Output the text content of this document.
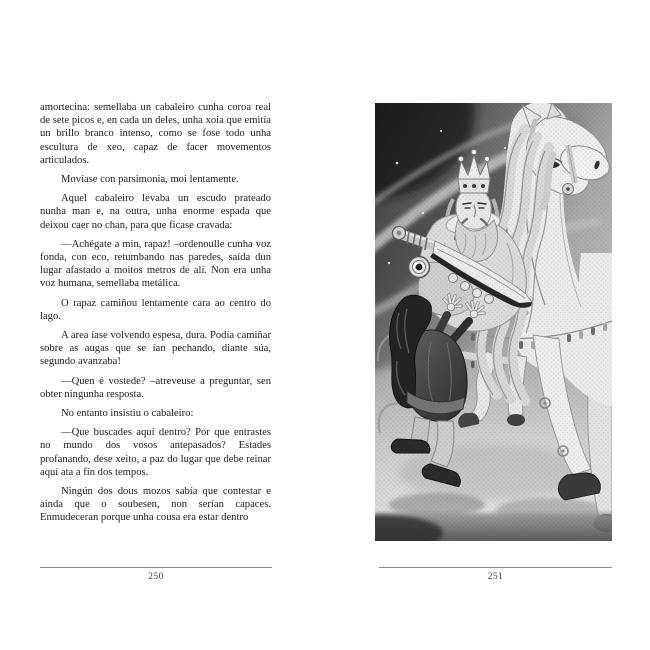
amortecina: semellaba un cabaleiro cunha coroa real de sete picos e, en cada un deles, unha xoia que emitía un brillo branco intenso, como se fose todo unha escultura de xeo, capaz de facer movementos articulados.

Movíase con parsimonia, moi lentamente.

Aquel cabaleiro levaba un escudo prateado nunha man e, na outra, unha enorme espada que deixou caer no chan, para que ficase cravada:

—Achégate a min, rapaz! –ordenoulle cunha voz fonda, con eco, retumbando nas paredes, saída dun lugar afastado a moitos metros de alí. Non era unha voz humana, semellaba metálica.

O rapaz camiñou lentamente cara ao centro do lago.

A area íase volvendo espesa, dura. Podía camiñar sobre as augas que se ían pechando, diante súa, segundo avanzaba!

—Quen é vostede? –atreveuse a preguntar, sen obter ningunha resposta.

No entanto insistiu o cabaleiro:

—Que buscades aquí dentro? Por que entrastes no mundo dos vosos antepasados? Estades profanando, dese xeito, a paz do lugar que debe reinar aquí ata a fin dos tempos.

Ningún dos dous mozos sabía que contestar e aínda que o soubesen, non serían capaces. Enmudeceran porque unha cousa era estar dentro

250	251
